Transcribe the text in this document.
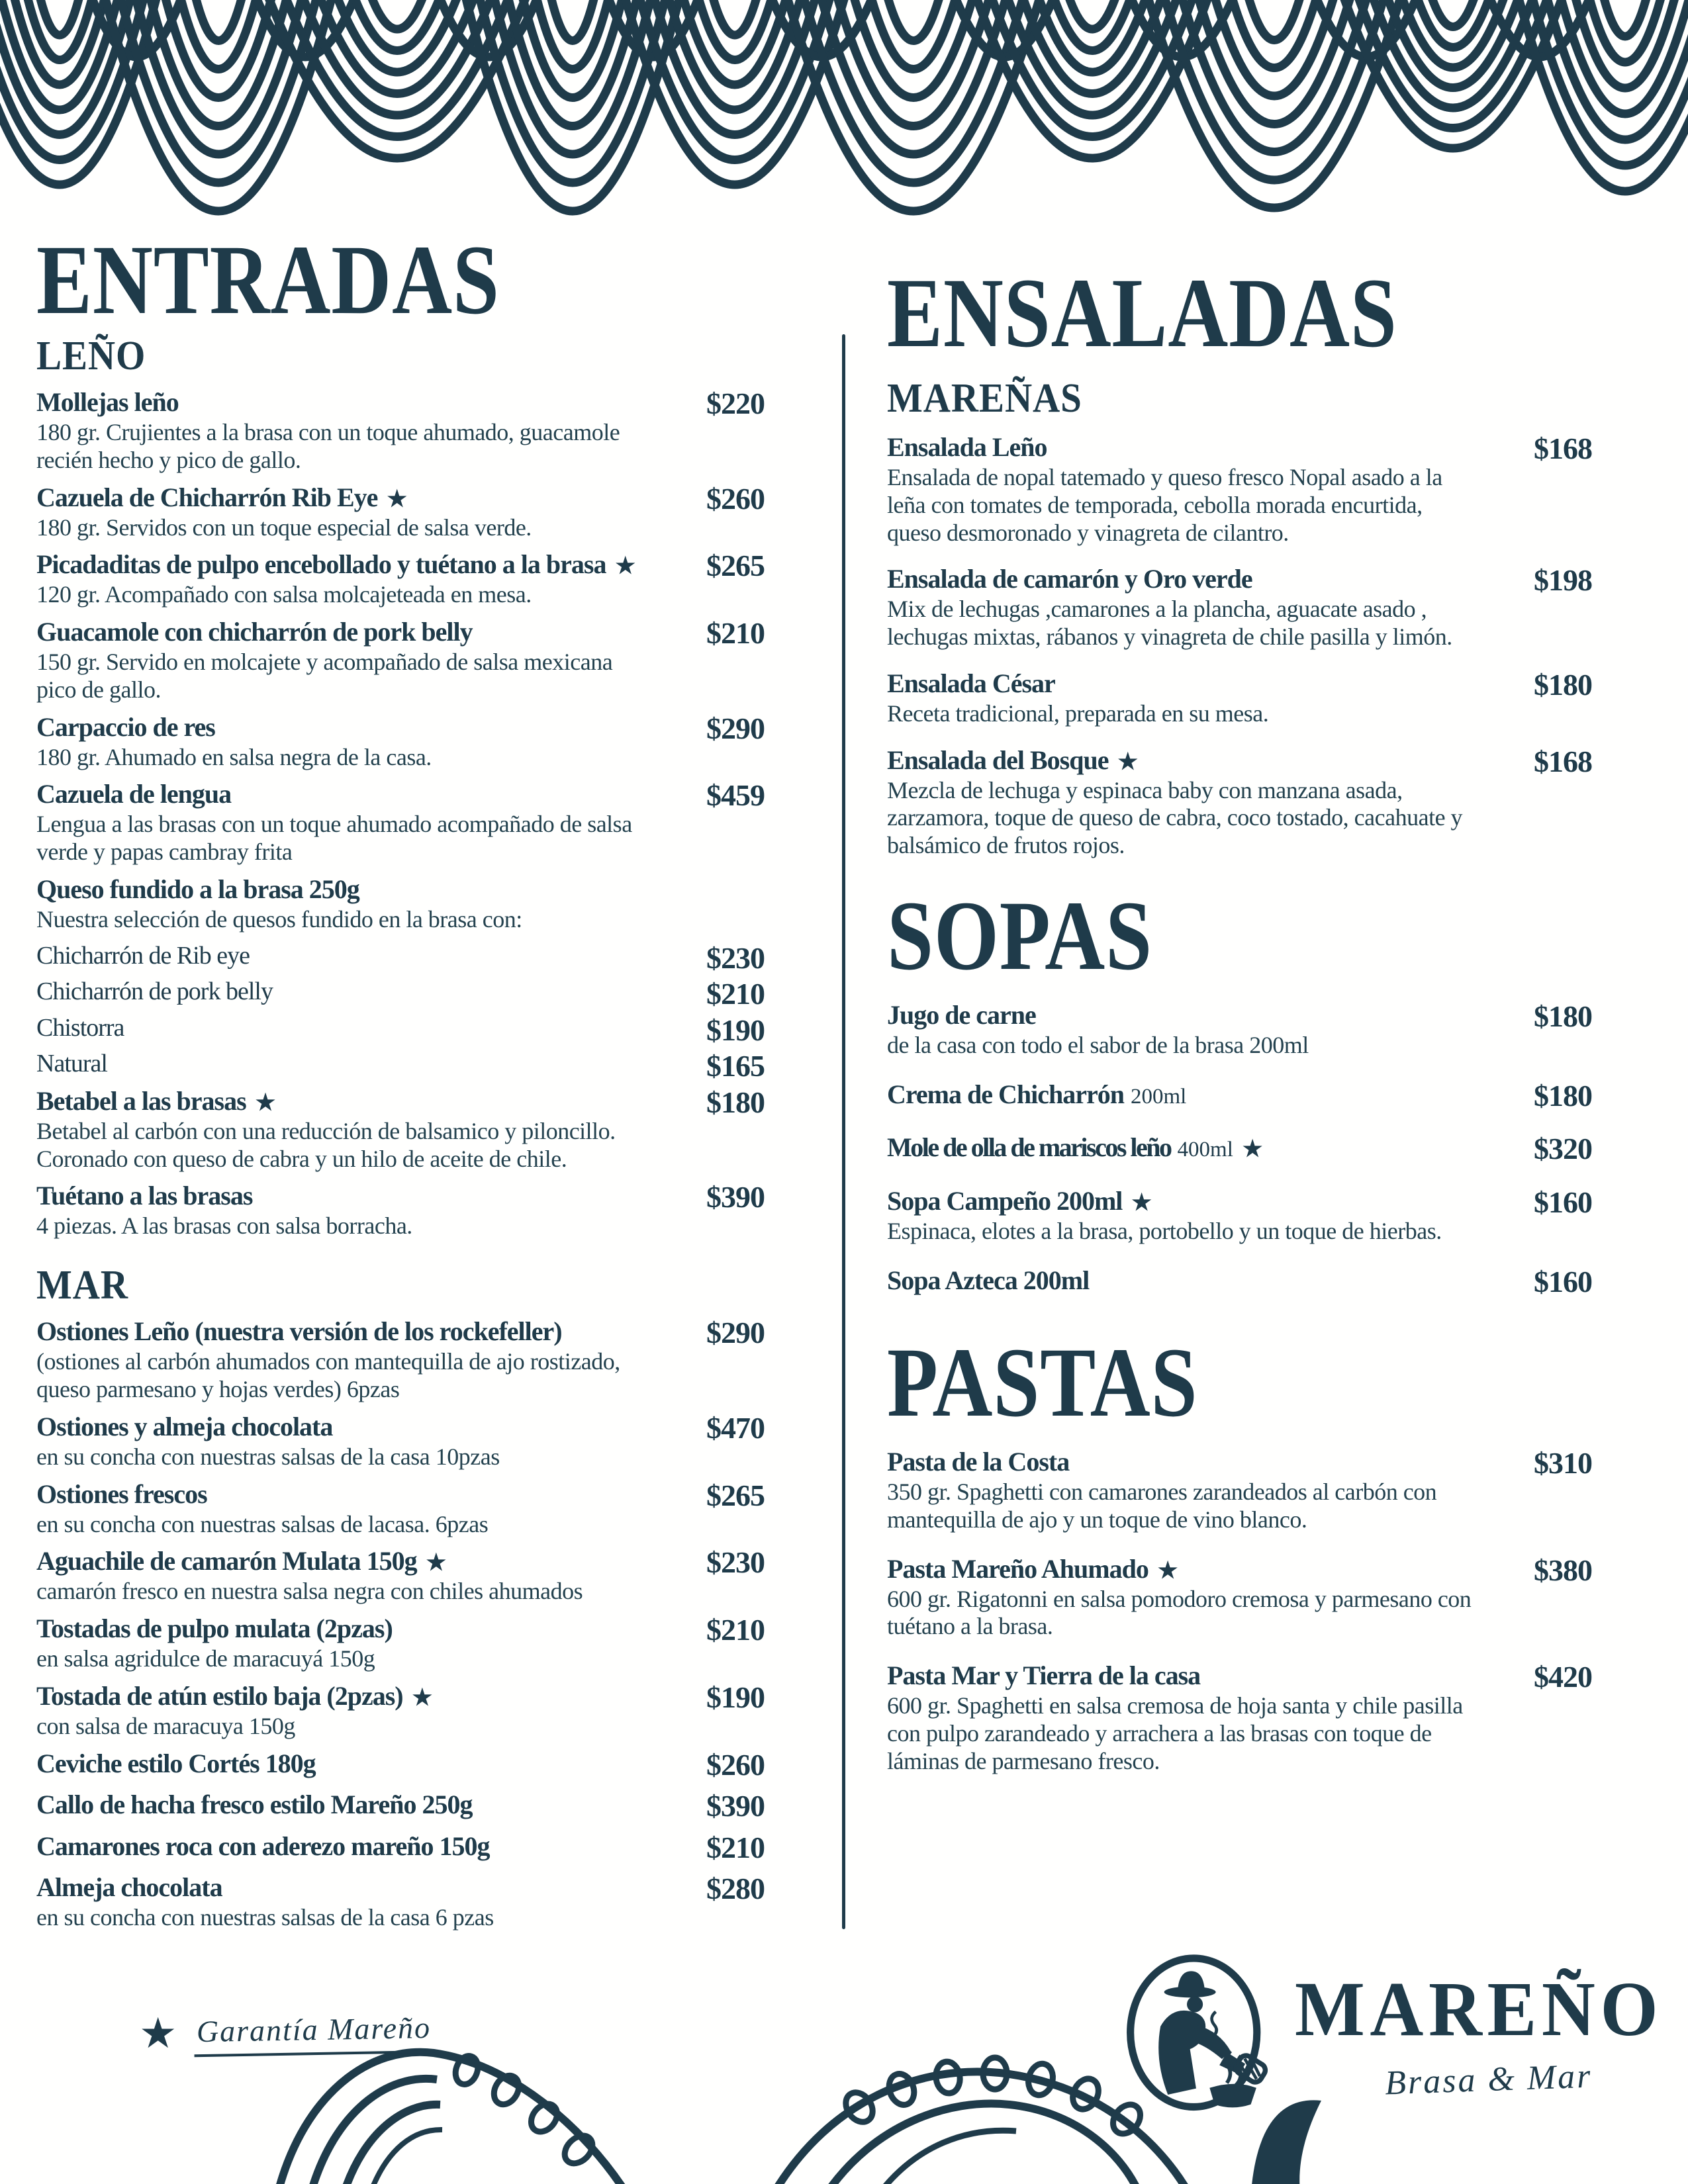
ENTRADAS
LEÑO
Mollejas leño
180 gr. Crujientes a la brasa con un toque ahumado, guacamole recién hecho y pico de gallo.
$220
Cazuela de Chicharrón Rib Eye ★
180 gr. Servidos con un toque especial de salsa verde.
$260
Picadaditas de pulpo encebollado y tuétano a la brasa ★
120 gr. Acompañado con salsa molcajeteada en mesa.
$265
Guacamole con chicharrón de pork belly
150 gr. Servido en molcajete y acompañado de salsa mexicana pico de gallo.
$210
Carpaccio de res
180 gr. Ahumado en salsa negra de la casa.
$290
Cazuela de lengua
Lengua a las brasas con un toque ahumado acompañado de salsa verde y papas cambray frita
$459
Queso fundido a la brasa 250g
Nuestra selección de quesos fundido en la brasa con:
Chicharrón de Rib eye	$230
Chicharrón de pork belly	$210
Chistorra	$190
Natural	$165
Betabel a las brasas ★
Betabel al carbón con una reducción de balsamico y piloncillo. Coronado con queso de cabra y un hilo de aceite de chile.
$180
Tuétano a las brasas
4 piezas. A las brasas con salsa borracha.
$390
MAR
Ostiones Leño (nuestra versión de los rockefeller)
(ostiones al carbón ahumados con mantequilla de ajo rostizado, queso parmesano y hojas verdes) 6pzas
$290
Ostiones y almeja chocolata
en su concha con nuestras salsas de la casa 10pzas
$470
Ostiones frescos
en su concha con nuestras salsas de lacasa. 6pzas
$265
Aguachile de camarón Mulata 150g ★
camarón fresco en nuestra salsa negra con chiles ahumados
$230
Tostadas de pulpo mulata (2pzas)
en salsa agridulce de maracuyá 150g
$210
Tostada de atún estilo baja (2pzas) ★
con salsa de maracuya 150g
$190
Ceviche estilo Cortés 180g	$260
Callo de hacha fresco estilo Mareño 250g	$390
Camarones roca con aderezo mareño 150g	$210
Almeja chocolata
en su concha con nuestras salsas de la casa 6 pzas
$280
ENSALADAS
MAREÑAS
Ensalada Leño
Ensalada de nopal tatemado y queso fresco Nopal asado a la leña con tomates de temporada, cebolla morada encurtida, queso desmoronado y vinagreta de cilantro.
$168
Ensalada de camarón y Oro verde
Mix de lechugas ,camarones a la plancha, aguacate asado , lechugas mixtas, rábanos y vinagreta de chile pasilla y limón.
$198
Ensalada César
Receta tradicional, preparada en su mesa.
$180
Ensalada del Bosque ★
Mezcla de lechuga y espinaca baby con manzana asada, zarzamora, toque de queso de cabra, coco tostado, cacahuate y balsámico de frutos rojos.
$168
SOPAS
Jugo de carne
de la casa con todo el sabor de la brasa 200ml
$180
Crema de Chicharrón 200ml	$180
Mole de olla de mariscos leño 400ml ★	$320
Sopa Campeño 200ml ★
Espinaca, elotes a la brasa, portobello y un toque de hierbas.
$160
Sopa Azteca 200ml	$160
PASTAS
Pasta de la Costa
350 gr. Spaghetti con camarones zarandeados al carbón con mantequilla de ajo y un toque de vino blanco.
$310
Pasta Mareño Ahumado ★
600 gr. Rigatonni en salsa pomodoro cremosa y parmesano con tuétano a la brasa.
$380
Pasta Mar y Tierra de la casa
600 gr. Spaghetti en salsa cremosa de hoja santa y chile pasilla con pulpo zarandeado y arrachera a las brasas con toque de láminas de parmesano fresco.
$420
★ Garantía Mareño	MAREÑO
Brasa & Mar
